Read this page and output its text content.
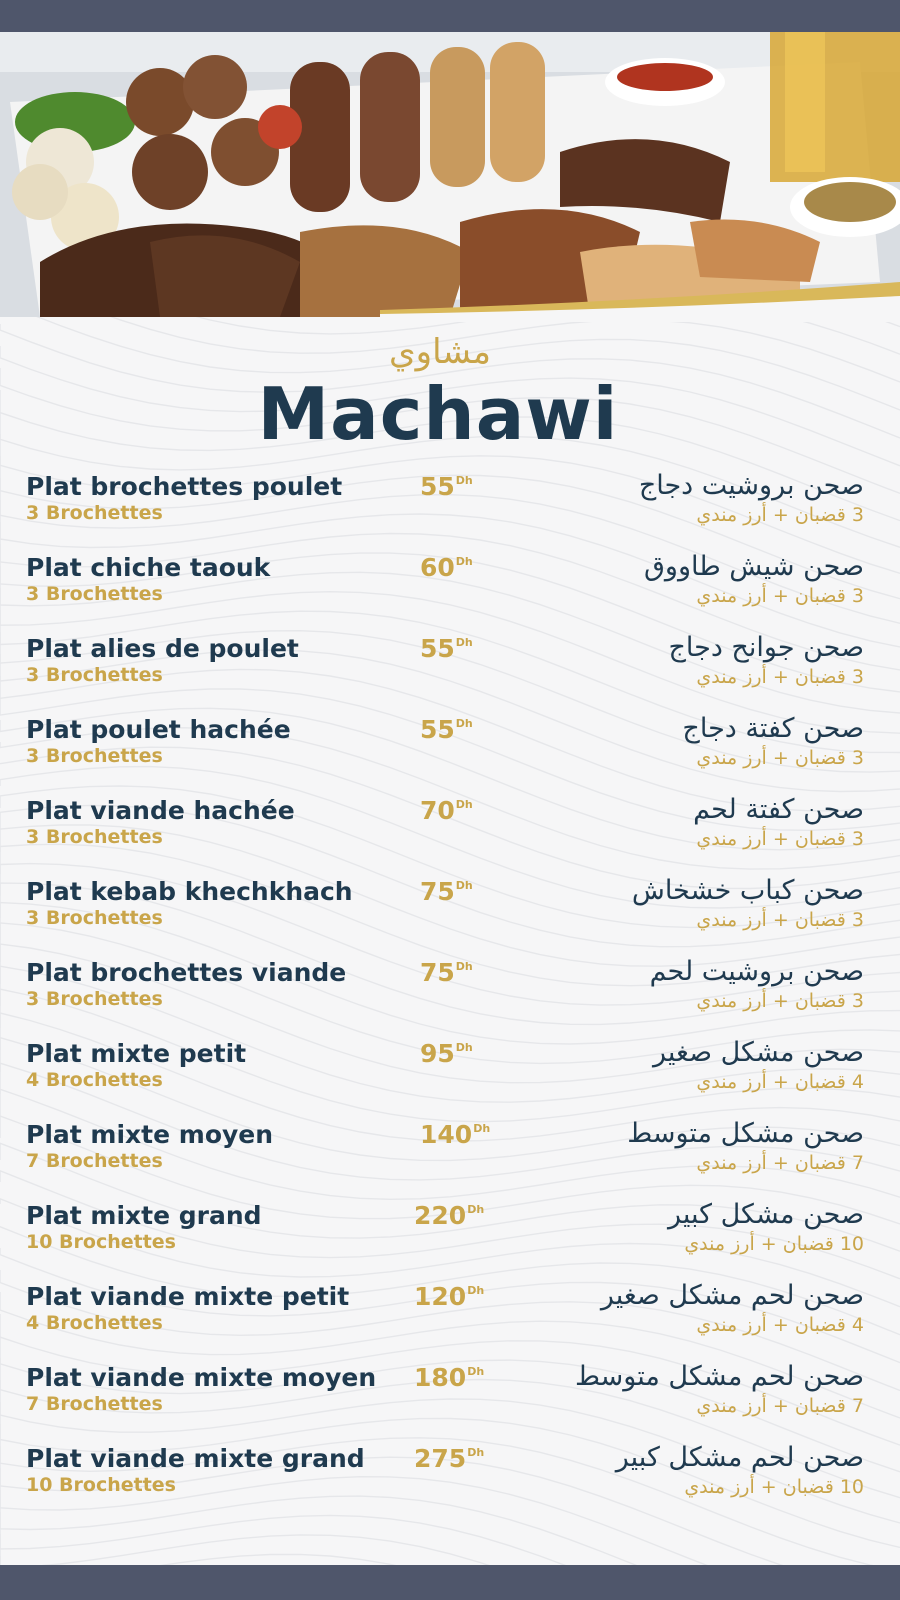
مشاوي
Machawi
Plat brochettes poulet
3 Brochettes
$55^{Dh}$	صحن بروشيت دجاج
3 قضبان + أرز مندي
Plat chiche taouk
3 Brochettes
$60^{Dh}$	صحن شيش طاووق
3 قضبان + أرز مندي
Plat alies de poulet
3 Brochettes
$55^{Dh}$	صحن جوانح دجاج
3 قضبان + أرز مندي
Plat poulet hachée
3 Brochettes
$55^{Dh}$	صحن كفتة دجاج
3 قضبان + أرز مندي
Plat viande hachée
3 Brochettes
$70^{Dh}$	صحن كفتة لحم
3 قضبان + أرز مندي
Plat kebab khechkhach
3 Brochettes
$75^{Dh}$	صحن كباب خشخاش
3 قضبان + أرز مندي
Plat brochettes viande
3 Brochettes
$75^{Dh}$	صحن بروشيت لحم
3 قضبان + أرز مندي
Plat mixte petit
4 Brochettes
$95^{Dh}$	صحن مشكل صغير
4 قضبان + أرز مندي
Plat mixte moyen
7 Brochettes
$140^{Dh}$	صحن مشكل متوسط
7 قضبان + أرز مندي
Plat mixte grand
10 Brochettes
$220^{Dh}$	صحن مشكل كبير
10 قضبان + أرز مندي
Plat viande mixte petit
4 Brochettes
$120^{Dh}$	صحن لحم مشكل صغير
4 قضبان + أرز مندي
Plat viande mixte moyen
7 Brochettes
$180^{Dh}$	صحن لحم مشكل متوسط
7 قضبان + أرز مندي
Plat viande mixte grand
10 Brochettes
$275^{Dh}$	صحن لحم مشكل كبير
10 قضبان + أرز مندي
